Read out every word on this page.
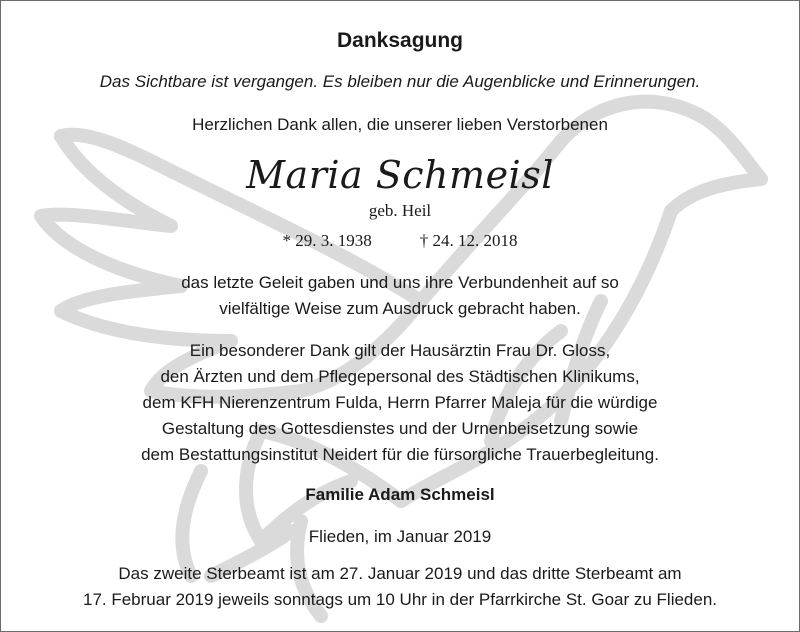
Danksagung
Das Sichtbare ist vergangen. Es bleiben nur die Augenblicke und Erinnerungen.
Herzlichen Dank allen, die unserer lieben Verstorbenen
Maria Schmeisl
geb. Heil
* 29. 3. 1938	† 24. 12. 2018
das letzte Geleit gaben und uns ihre Verbundenheit auf so
vielfältige Weise zum Ausdruck gebracht haben.
Ein besonderer Dank gilt der Hausärztin Frau Dr. Gloss,
den Ärzten und dem Pflegepersonal des Städtischen Klinikums,
dem KFH Nierenzentrum Fulda, Herrn Pfarrer Maleja für die würdige
Gestaltung des Gottesdienstes und der Urnenbeisetzung sowie
dem Bestattungsinstitut Neidert für die fürsorgliche Trauerbegleitung.
Familie Adam Schmeisl
Flieden, im Januar 2019
Das zweite Sterbeamt ist am 27. Januar 2019 und das dritte Sterbeamt am
17. Februar 2019 jeweils sonntags um 10 Uhr in der Pfarrkirche St. Goar zu Flieden.
